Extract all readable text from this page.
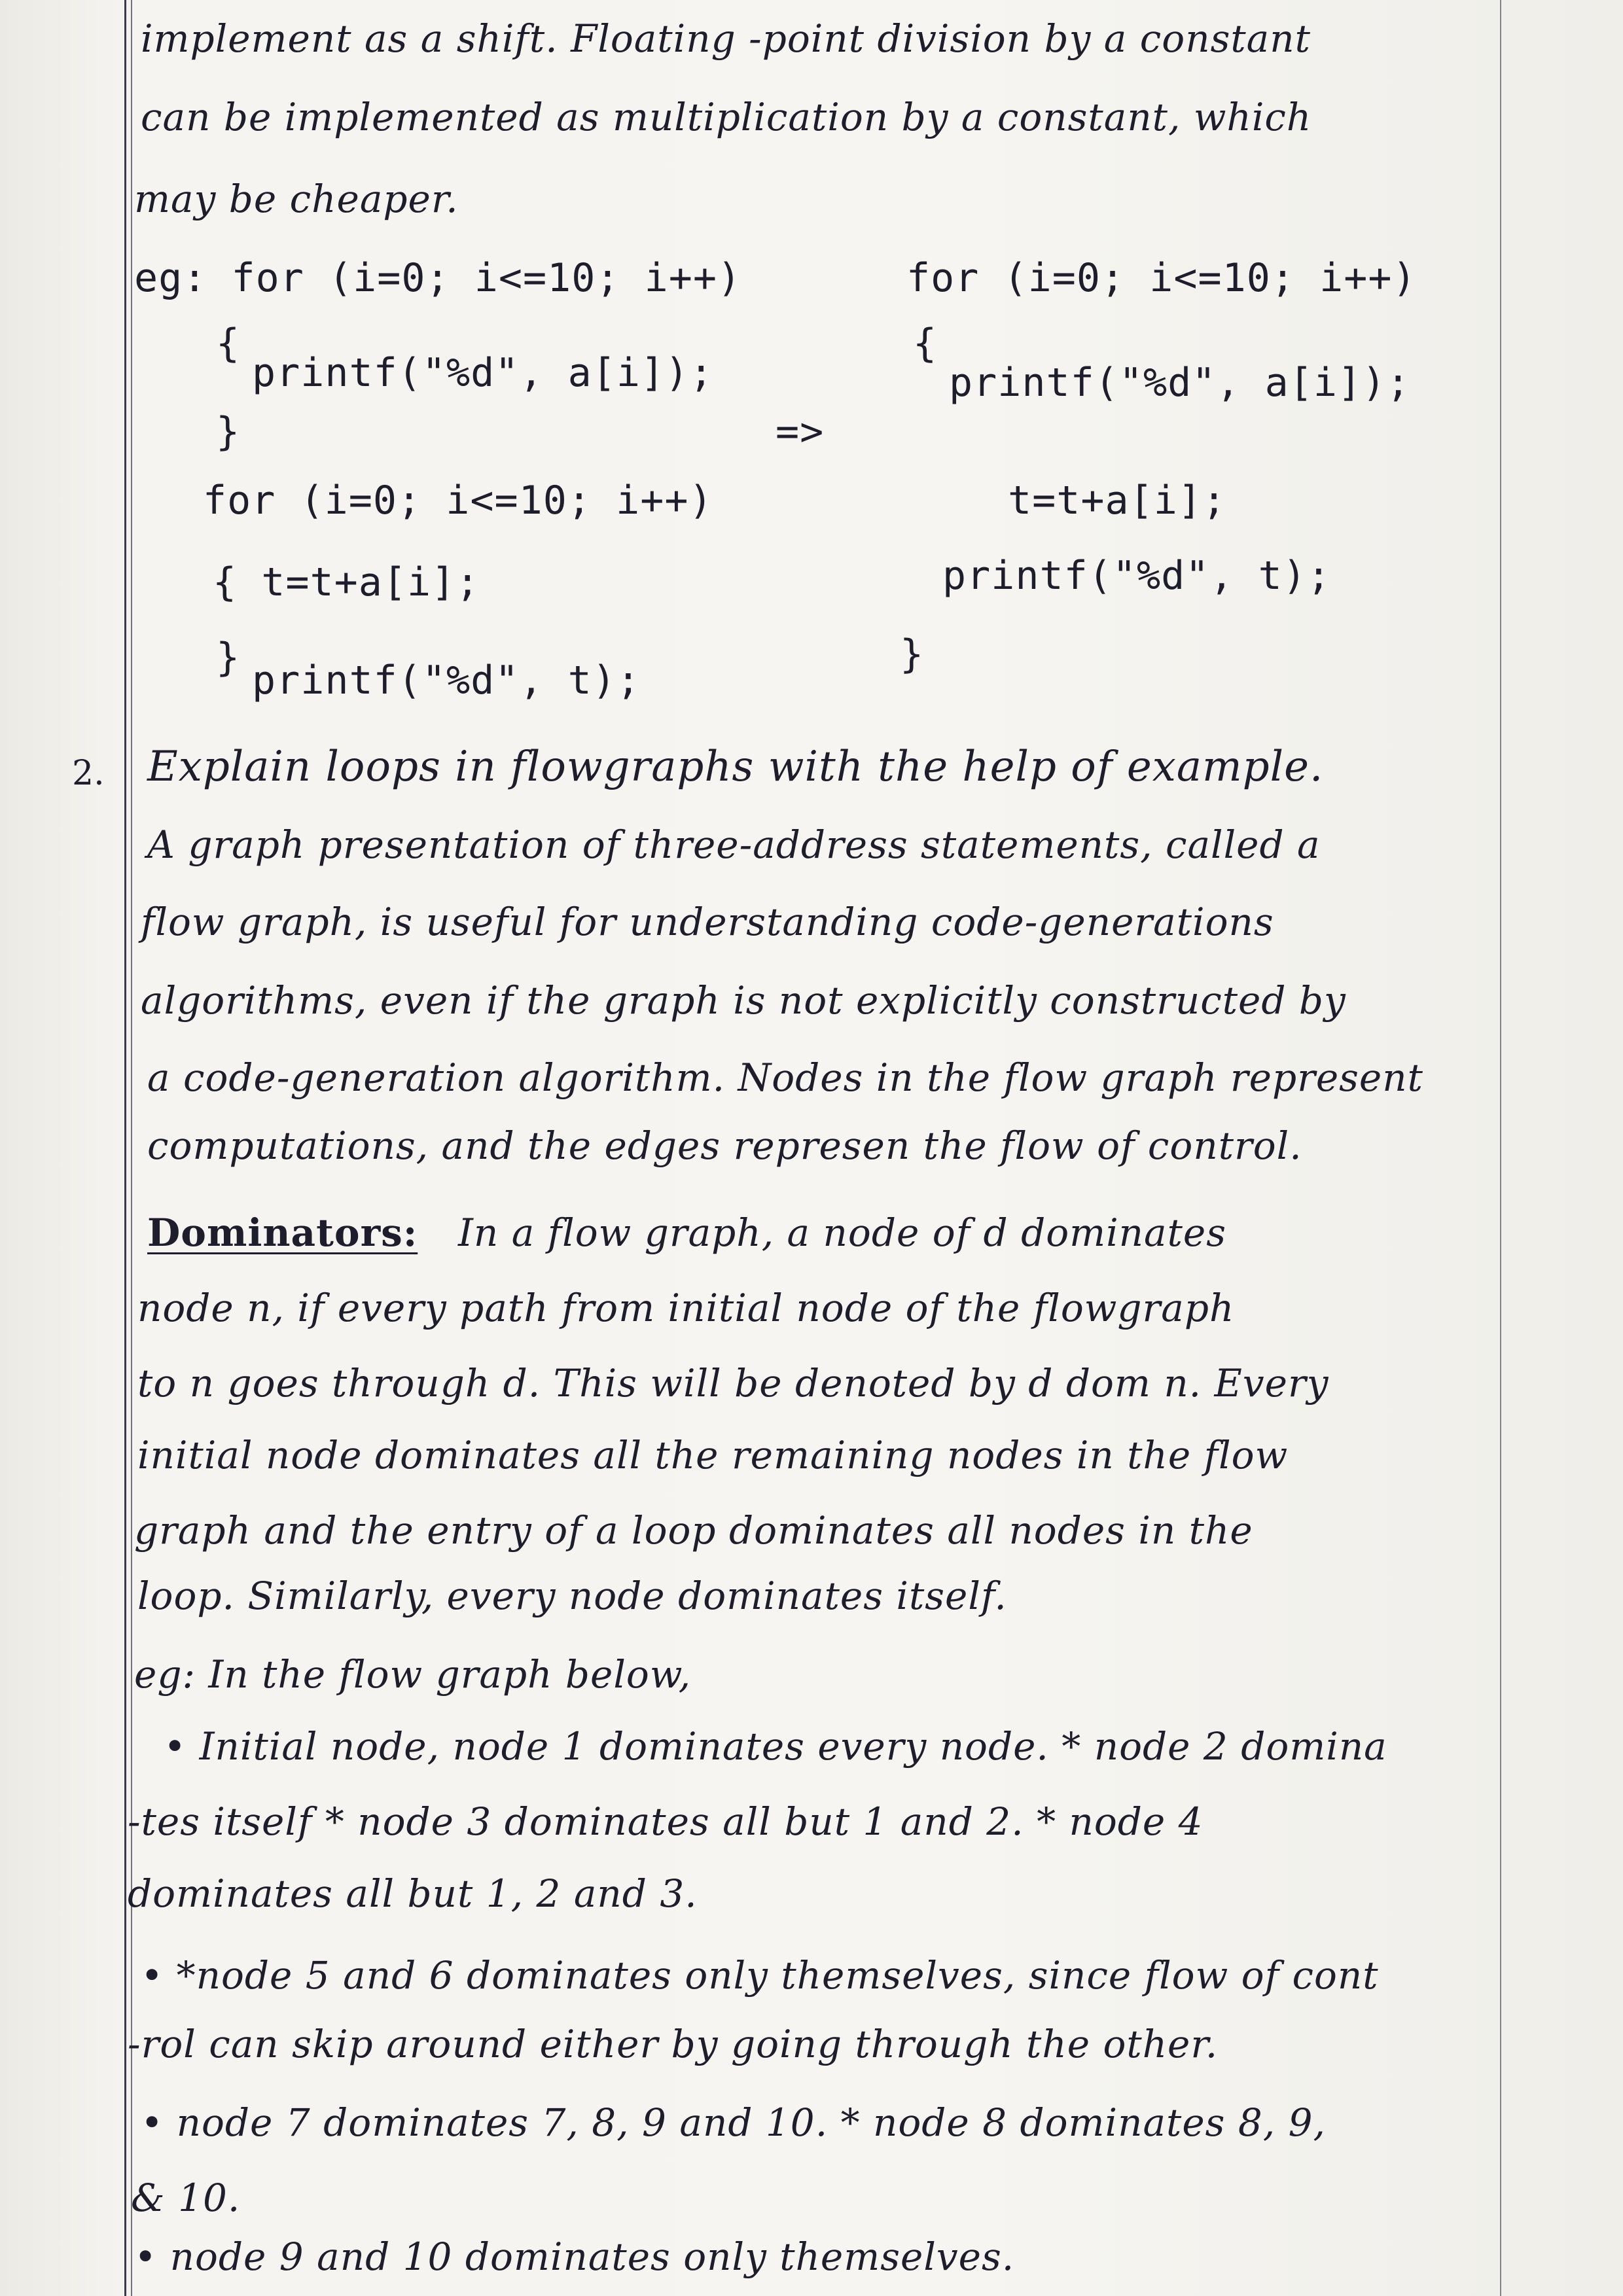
implement as a shift. Floating -point division by a constant
can be implemented as multiplication by a constant, which
may be cheaper.
eg: for (i=0; i<=10; i++)
{
printf("%d", a[i]);
}
for (i=0; i<=10; i++)
{ t=t+a[i];
} printf("%d", t);
=>
for (i=0; i<=10; i++)
{
printf("%d", a[i]);
t=t+a[i];
printf("%d", t);
}
2. Explain loops in flowgraphs with the help of example.
A graph presentation of three-address statements, called a
flow graph, is useful for understanding code-generations
algorithms, even if the graph is not explicitly constructed by
a code-generation algorithm. Nodes in the flow graph represent
computations, and the edges represen the flow of control.
Dominators: In a flow graph, a node of d dominates
node n, if every path from initial node of the flowgraph
to n goes through d. This will be denoted by d dom n. Every
initial node dominates all the remaining nodes in the flow
graph and the entry of a loop dominates all nodes in the
loop. Similarly, every node dominates itself.
eg: In the flow graph below,
• Initial node, node 1 dominates every node. * node 2 domina
-tes itself * node 3 dominates all but 1 and 2. * node 4
dominates all but 1, 2 and 3.
• *node 5 and 6 dominates only themselves, since flow of cont
-rol can skip around either by going through the other.
• node 7 dominates 7, 8, 9 and 10. * node 8 dominates 8, 9,
& 10.
• node 9 and 10 dominates only themselves.
